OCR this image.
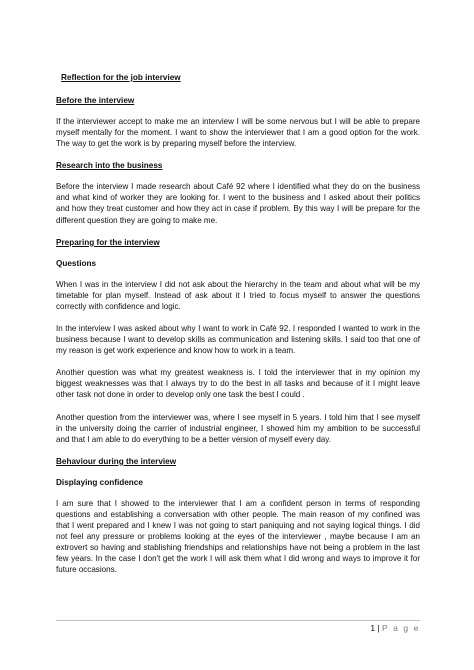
Reflection for the job interview
Before the interview

If the interviewer accept to make me an interview I will be some nervous but I will be able to prepare myself mentally for the moment. I want to show the interviewer that I am a good option for the work. The way to get the work is by preparing myself before the interview.

Research into the business

Before the interview I made research about Café 92 where I identified what they do on the business and what kind of worker they are looking for. I went to the business and I asked about their politics and how they treat customer and how they act in case if problem. By this way I will be prepare for the different question they are going to make me.

Preparing for the interview
Questions

When I was in the interview I did not ask about the hierarchy in the team and about what will be my timetable for plan myself. Instead of ask about it I tried to focus myself to answer the questions correctly with confidence and logic.

In the interview I was asked about why I want to work in Café 92. I responded I wanted to work in the business because I want to develop skills as communication and listening skills. I said too that one of my reason is get work experience and know how to work in a team.

Another question was what my greatest weakness is. I told the interviewer that in my opinion my biggest weaknesses was that I always try to do the best in all tasks and because of it I might leave other task not done in order to develop only one task the best I could .

Another question from the interviewer was, where I see myself in 5 years. I told him that I see myself in the university doing the carrier of industrial engineer, I showed him my ambition to be successful and that I am able to do everything to be a better version of myself every day.

Behaviour during the interview
Displaying confidence

I am sure that I showed to the interviewer that I am a confident person in terms of responding questions and establishing a conversation with other people. The main reason of my confined was that I went prepared and I knew I was not going to start paniquing and not saying logical things. I did not feel any pressure or problems looking at the eyes of the interviewer , maybe because I am an extrovert so having and stablishing friendships and relationships have not being a problem in the last few years. In the case I don't get the work I will ask them what I did wrong and ways to improve it for future occasions.

1 | P a g e
